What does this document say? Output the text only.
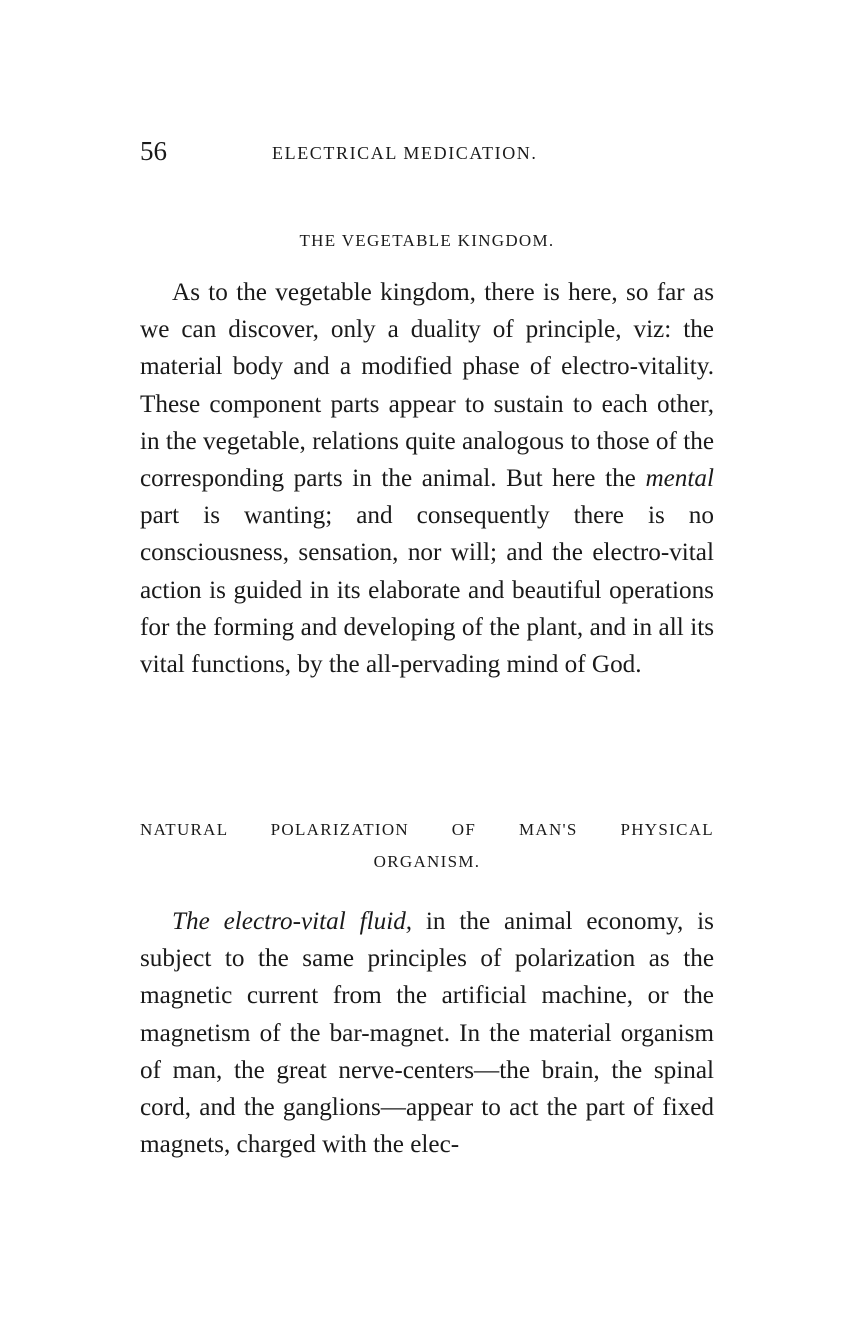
56	ELECTRICAL MEDICATION.
THE VEGETABLE KINGDOM.

As to the vegetable kingdom, there is here, so far as we can discover, only a duality of principle, viz: the material body and a modified phase of electro-vitality. These component parts appear to sustain to each other, in the vegetable, relations quite analogous to those of the corresponding parts in the animal. But here the mental part is wanting; and consequently there is no consciousness, sensation, nor will; and the electro-vital action is guided in its elaborate and beautiful operations for the forming and developing of the plant, and in all its vital functions, by the all-pervading mind of God.

NATURAL POLARIZATION OF MAN'S PHYSICAL
ORGANISM.

The electro-vital fluid, in the animal economy, is subject to the same principles of polarization as the magnetic current from the artificial machine, or the magnetism of the bar-magnet. In the material organism of man, the great nerve-centers—the brain, the spinal cord, and the ganglions—appear to act the part of fixed magnets, charged with the elec-
